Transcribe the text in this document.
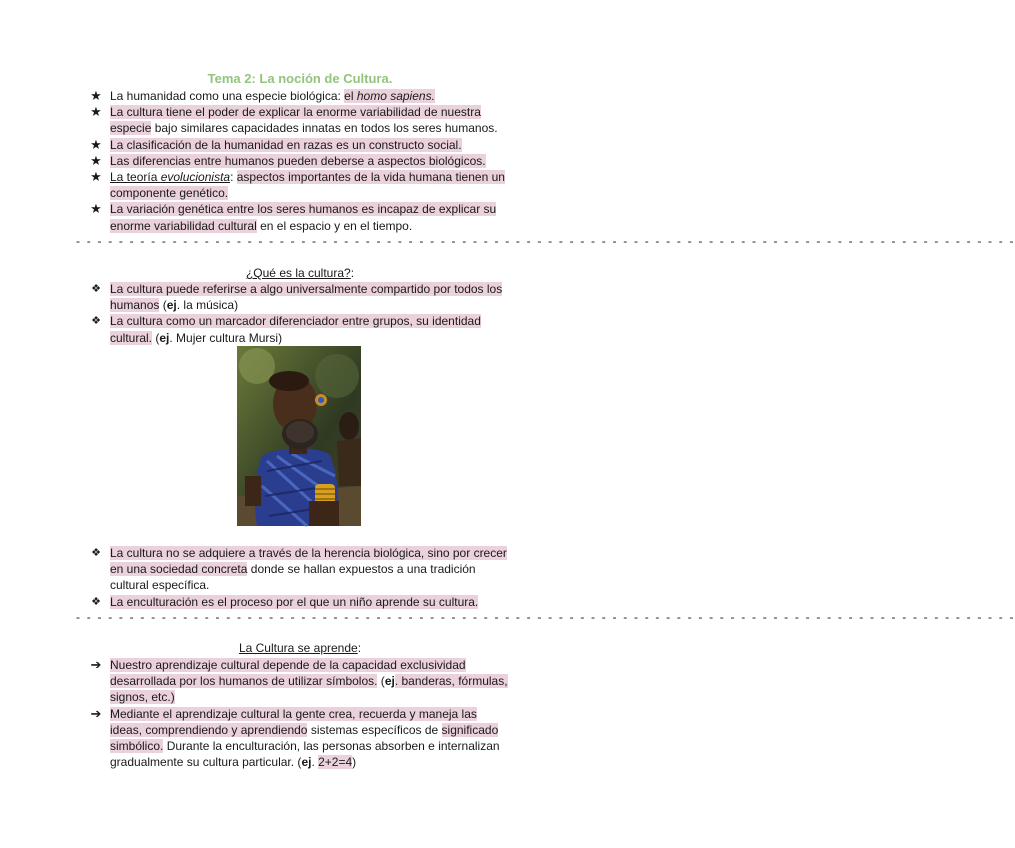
Tema 2: La noción de Cultura.
★ La humanidad como una especie biológica: el homo sapiens.
★ La cultura tiene el poder de explicar la enorme variabilidad de nuestra especie bajo similares capacidades innatas en todos los seres humanos.
★ La clasificación de la humanidad en razas es un constructo social.
★ Las diferencias entre humanos pueden deberse a aspectos biológicos.
★ La teoría evolucionista: aspectos importantes de la vida humana tienen un componente genético.
★ La variación genética entre los seres humanos es incapaz de explicar su enorme variabilidad cultural en el espacio y en el tiempo.
- - - - - - - - - - - - - - - - - - - - - - - - - - - - - - - - - - - - - - - - - - - - - - - - - - - - - - - - - - - - - - - - - - - - - - - - - - - - - - - - - - - - - - - -
¿Qué es la cultura?:
❖ La cultura puede referirse a algo universalmente compartido por todos los humanos (ej. la música)
❖ La cultura como un marcador diferenciador entre grupos, su identidad cultural. (ej. Mujer cultura Mursi)
❖ La cultura no se adquiere a través de la herencia biológica, sino por crecer en una sociedad concreta donde se hallan expuestos a una tradición cultural específica.
❖ La enculturación es el proceso por el que un niño aprende su cultura.
- - - - - - - - - - - - - - - - - - - - - - - - - - - - - - - - - - - - - - - - - - - - - - - - - - - - - - - - - - - - - - - - - - - - - - - - - - - - - - - - - - - - - - - -
La Cultura se aprende:
➔ Nuestro aprendizaje cultural depende de la capacidad exclusividad desarrollada por los humanos de utilizar símbolos. (ej. banderas, fórmulas, signos, etc.)
➔ Mediante el aprendizaje cultural la gente crea, recuerda y maneja las ideas, comprendiendo y aprendiendo sistemas específicos de significado simbólico. Durante la enculturación, las personas absorben e internalizan gradualmente su cultura particular. (ej. 2+2=4)
